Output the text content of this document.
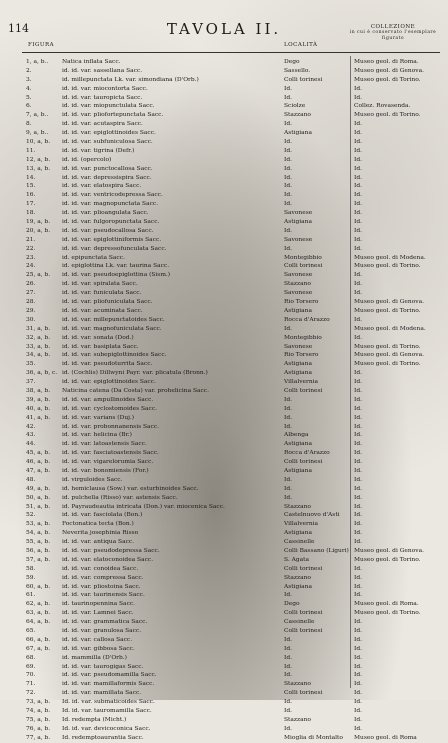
114	TAVOLA II.
FIGURA	LOCALITÀ
COLLEZIONE
in cui è conservato l'esemplare figurato
1, a, b..	Natica inflata Sacc.	Dego	Museo geol. di Roma.
2.	id. id. var. sassellana Sacc.	Sassello.	Museo geol. di Genova.
3.	id. millepunctata Lk. var. simondiana (D'Orb.)	Colli torinesi	Museo geol. di Torino.
4.	id. id. var. miocontorta Sacc.	Id.	Id.
5.	id. id. var. tauropicta Sacc.	Id.	Id.
6.	id. id. var. miopunctulata Sacc.	Sciolze	Collez. Rovasenda.
7, a, b..	id. id. var. pliofortepunctata Sacc.	Stazzano	Museo geol. di Torino.
8.	id. id. var. acutaspira Sacc.	Id.	Id.
9, a, b..	id. id. var. epiglottinoides Sacc.	Astigiana	Id.
10, a, b.	id. id. var. subfuniculosa Sacc.	Id.	Id.
11.	id. id. var. tigrina (Defr.)	Id.	Id.
12, a, b.	id. id. (opercolo)	Id.	Id.
13, a, b.	id. id. var. punctocallosa Sacc.	Id.	Id.
14.	id. id. var. depressispira Sacc.	Id.	Id.
15.	id. id. var. elatospira Sacc.	Id.	Id.
16.	id. id. var. ventricodepressa Sacc.	Id.	Id.
17.	id. id. var. magnopunctata Sacc.	Id.	Id.
18.	id. id. var. plioangulata Sacc.	Savonese	Id.
19, a, b.	id. id. var. fulgoropunctata Sacc.	Astigiana	Id.
20, a, b.	id. id. var. pseudocallosa Sacc.	Id.	Id.
21.	id. id. var. epiglottiniformis Sacc.	Savonese	Id.
22.	id. id. var. depressofunculata Sacc.	Id.	Id.
23.	id. epipunctata Sacc.	Montegibbio	Museo geol. di Modena.
24.	id. epiglottina Lk. var. taurina Sacc.	Colli torinesi	Museo geol. di Torino.
25, a, b.	id. id. var. pseudoepiglottina (Sism.)	Savonese	Id.
26.	id. id. var. spiralata Sacc.	Stazzano	Id.
27.	id. id. var. funiculata Sacc.	Savonese	Id.
28.	id. id. var. pliofuniculata Sacc.	Rio Torsero	Museo geol. di Genova.
29.	id. id. var. acuminata Sacc.	Astigiana	Museo geol. di Torino.
30.	id. id. var. millepunctatoides Sacc.	Rocca d'Arazzo	Id.
31, a, b.	id. id. var. magnofuniculata Sacc.	Id.	Museo geol. di Modena.
32, a, b.	id. id. var. sonata (Dod.)	Montegibbio	Id.
33, a, b.	id. id. var. basiplata Sacc.	Savonese	Museo geol. di Torino.
34, a, b.	id. id. var. subepiglottinoides Sacc.	Rio Torsero	Museo geol. di Genova.
35.	id. id. var. pseudoturrita Sacc.	Astigiana	Museo geol. di Torino.
36, a, b, c. id. (Cochlis) Dillwyni Payr. var. plicatula (Bronn.)	Astigiana	Id.
37.	id. id. var. epiglottinoides Sacc.	Villalvernia	Id.
38, a, b.	Naticina catena (Da Costa) var. prohelicina Sacc.	Colli torinesi	Id.
39, a, b.	id. id. var. ampullinoides Sacc.	Id.	Id.
40, a, b.	id. id. var. cyclostomoides Sacc.	Id.	Id.
41, a, b.	id. id. var. varians (Duj.)	Id.	Id.
42.	id. id. var. probonnanensis Sacc.	Id.	Id.
43.	id. id. var. helicina (Br.)	Albenga	Id.
44.	id. id. var. latoastensis Sacc.	Astigiana	Id.
45, a, b.	id. id. var. fasciatoastensis Sacc.	Rocca d'Arazzo	Id.
46, a, b.	id. id. var. vigarelorumia Sacc.	Colli torinesi	Id.
47, a, b.	id. id. var. bonomiensis (For.)	Astigiana	Id.
48.	id. virguloides Sacc.	Id.	Id.
49, a, b.	id. hemiclausa (Sow.) var. esturbinoides Sacc.	Id.	Id.
50, a, b.	id. pulchella (Risso) var. astensis Sacc.	Id.	Id.
51, a, b.	id. Payraudeautia intricata (Don.) var. miocenica Sacc.	Stazzano	Id.
52.	id. id. var. fasciolata (Bon.)	Castelnuovo d'Asti	Id.
53, a, b.	Foctonatica tecta (Bon.)	Villalvernia	Id.
54, a, b.	Neverita josephinia Risso	Astigiana	Id.
55, a, b.	id. id. var. antiqua Sacc.	Cassinelle	Id.
56, a, b.	id. id. var. pseudodepressa Sacc.	Colli Bassano (Liguri) Museo geol. di Genova.
57, a, b.	id. id. var. elatoconoidea Sacc.	S. Agata	Museo geol. di Torino.
58.	id. id. var. conoidea Sacc.	Colli torinesi	Id.
59.	id. id. var. compressa Sacc.	Stazzano	Id.
60, a, b.	id. id. var. pliostoina Sacc.	Astigiana	Id.
61.	id. id. var. taurinensis Sacc.	Id.	Id.
62, a, b.	id. taurinopennina Sacc.	Dego	Museo geol. di Roma.
63, a, b.	id. id. var. Lamnei Sacc.	Colli torinesi	Museo geol. di Torino.
64, a, b.	id. id. var. grammatica Sacc.	Cassinelle	Id.
65.	id. id. var. granulosa Sacc.	Colli torinesi	Id.
66, a, b.	id. id. var. callosa Sacc.	Id.	Id.
67, a, b.	id. id. var. gibbosa Sacc.	Id.	Id.
68.	id. mammilla (D'Orb.)	Id.	Id.
69.	id. id. var. taurogigas Sacc.	Id.	Id.
70.	id. id. var. pseudomamilla Sacc.	Id.	Id.
71.	id. id. var. mamillaformis Sacc.	Stazzano	Id.
72.	id. id. var. mamillata Sacc.	Colli torinesi	Id.
73, a, b.	Id. id. var. submaticoides Sacc.	Id.	Id.
74, a, b.	Id. id. var. tauromamilla Sacc.	Id.	Id.
75, a, b.	Id. redempta (Micht.)	Stazzano	Id.
76, a, b.	Id. id. var. devicoconica Sacc.	Id.	Id.
77, a, b.	Id. redemptoaurantia Sacc.	Mioglia di Montalto	Museo geol. di Roma
